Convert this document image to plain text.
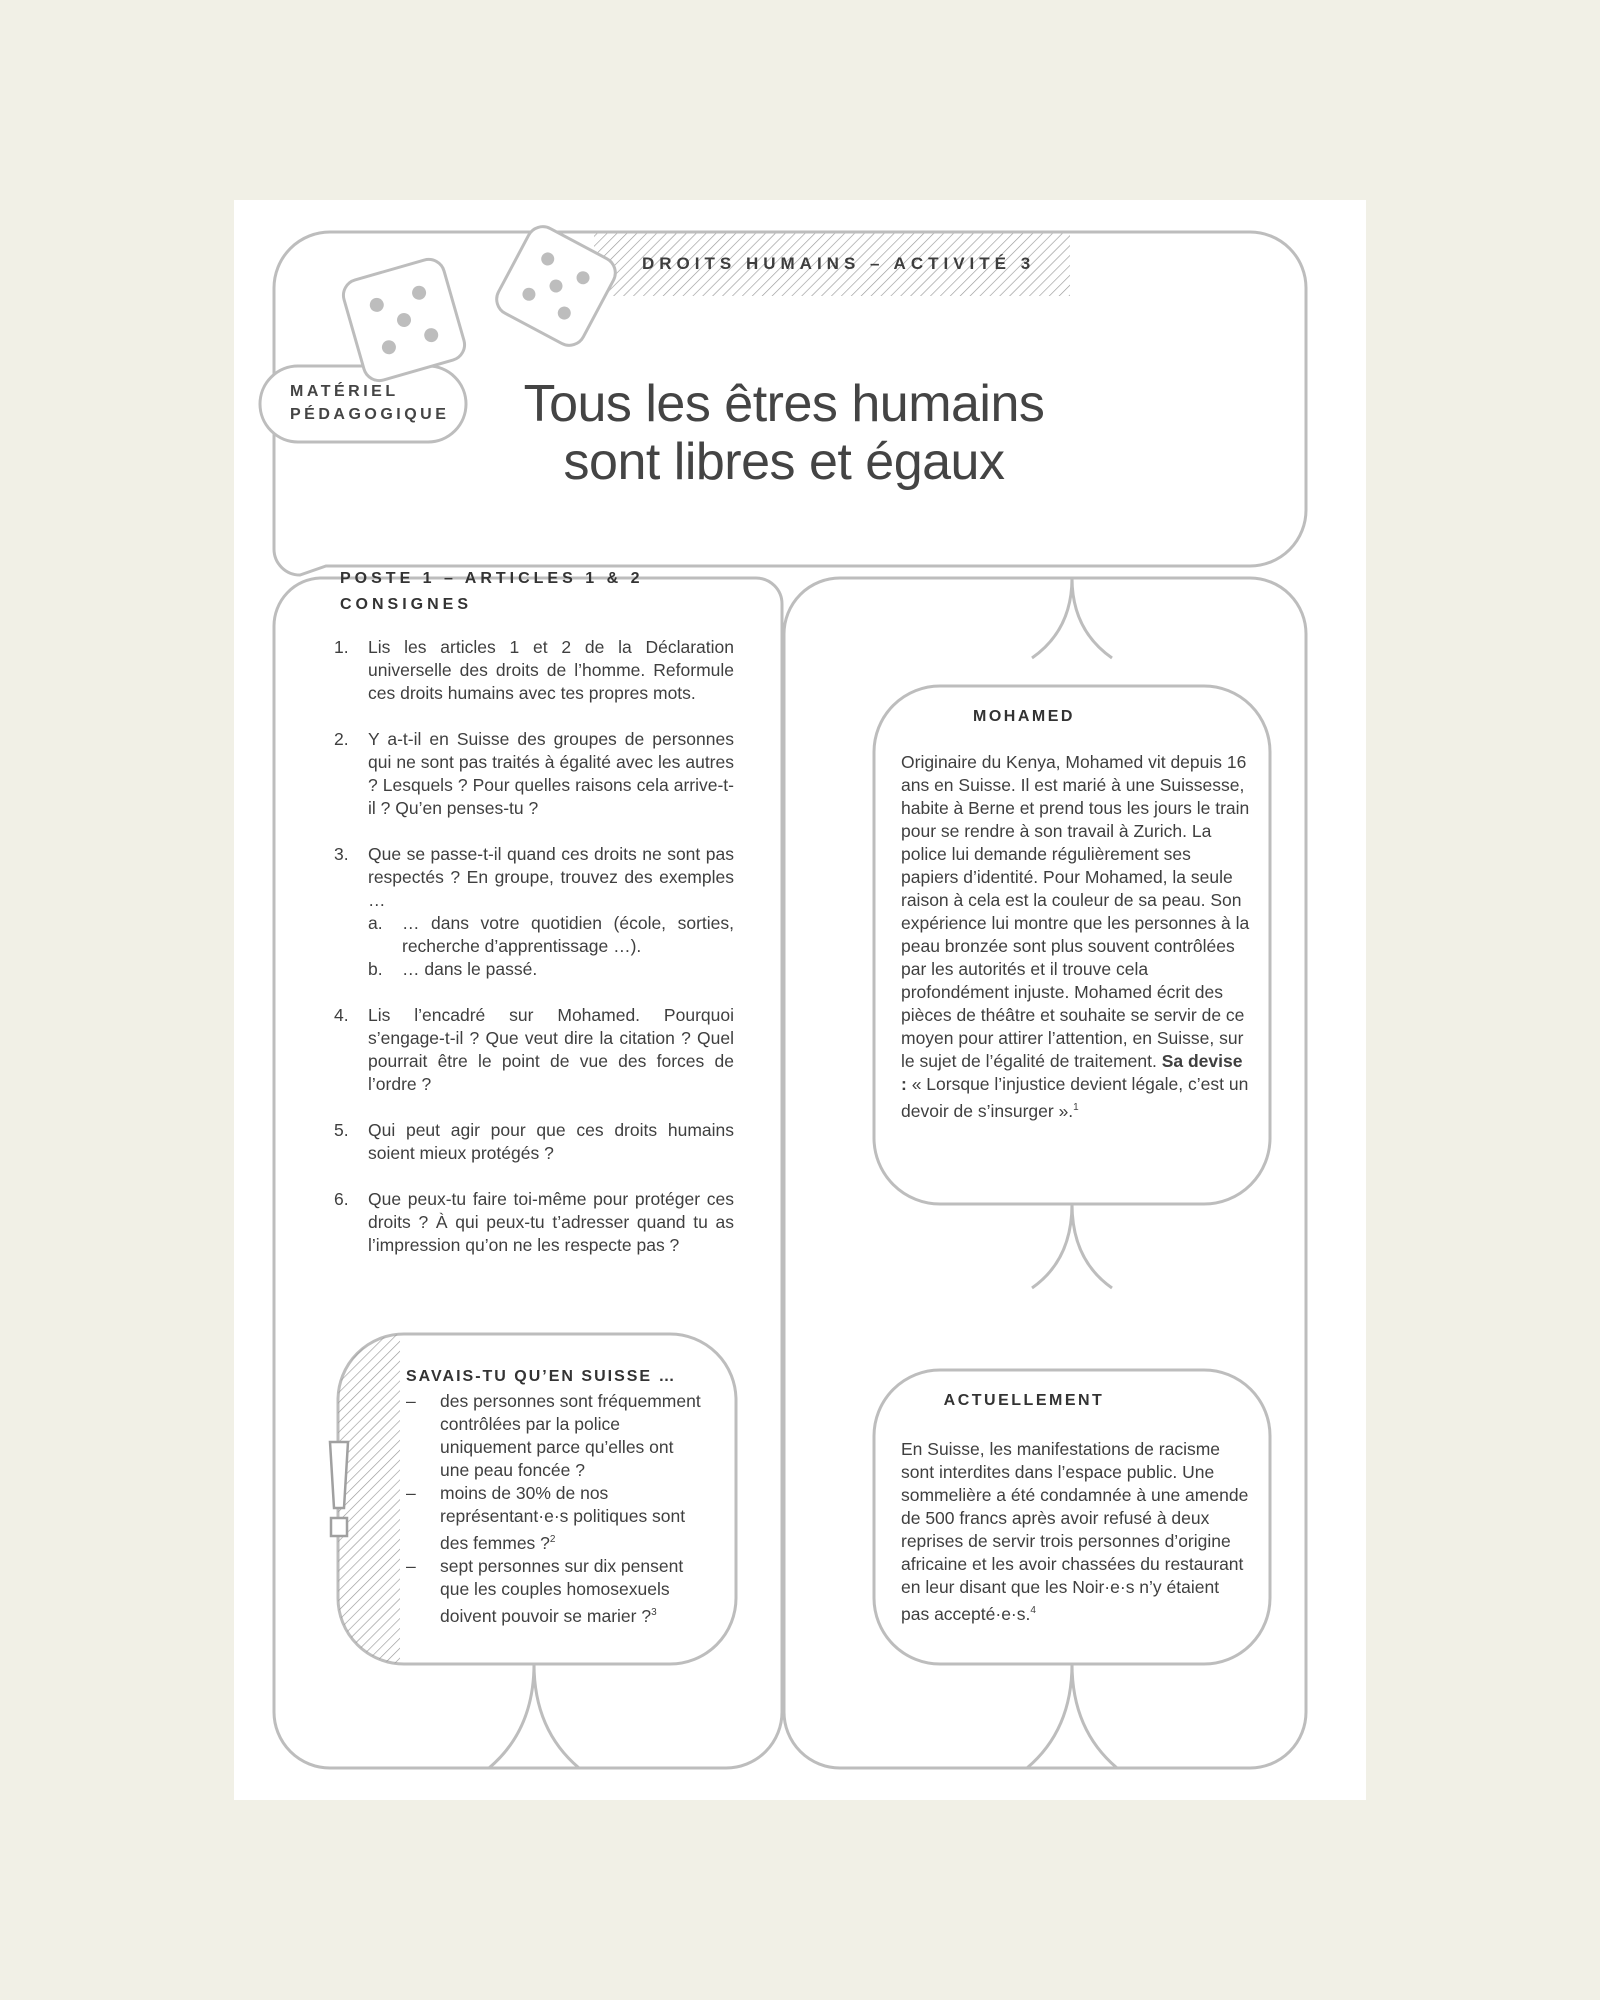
DROITS HUMAINS – ACTIVITÉ 3
MATÉRIEL
PÉDAGOGIQUE	Tous les êtres humains
sont libres et égaux
POSTE 1 – ARTICLES 1 & 2
CONSIGNES
1. Lis les articles 1 et 2 de la Déclaration universelle des droits de l’homme. Reformule ces droits humains avec tes propres mots.
2. Y a-t-il en Suisse des groupes de personnes qui ne sont pas traités à égalité avec les autres ? Lesquels ? Pour quelles raisons cela arrive-t-il ? Qu’en penses-tu ?
3. Que se passe-t-il quand ces droits ne sont pas respectés ? En groupe, trouvez des exemples …
a. … dans votre quotidien (école, sorties, recherche d’apprentissage …).
b. … dans le passé.
4. Lis l’encadré sur Mohamed. Pourquoi s’engage-t-il ? Que veut dire la citation ? Quel pourrait être le point de vue des forces de l’ordre ?
5. Qui peut agir pour que ces droits humains soient mieux protégés ?
6. Que peux-tu faire toi-même pour protéger ces droits ? À qui peux-tu t’adresser quand tu as l’impression qu’on ne les respecte pas ?
SAVAIS-TU QU’EN SUISSE …
– des personnes sont fréquemment contrôlées par la police uniquement parce qu’elles ont une peau foncée ?
– moins de 30% de nos représentant·e·s politiques sont des femmes ?$^2$
– sept personnes sur dix pensent que les couples homosexuels doivent pouvoir se marier ?$^3$
MOHAMED
Originaire du Kenya, Mohamed vit depuis 16 ans en Suisse. Il est marié à une Suissesse, habite à Berne et prend tous les jours le train pour se rendre à son travail à Zurich. La police lui demande régulièrement ses papiers d’identité. Pour Mohamed, la seule raison à cela est la couleur de sa peau. Son expérience lui montre que les personnes à la peau bronzée sont plus souvent contrôlées par les autorités et il trouve cela profondément injuste. Mohamed écrit des pièces de théâtre et souhaite se servir de ce moyen pour attirer l’attention, en Suisse, sur le sujet de l’égalité de traitement. Sa devise : « Lorsque l’injustice devient légale, c’est un devoir de s’insurger ».$^1$
ACTUELLEMENT
En Suisse, les manifestations de racisme sont interdites dans l’espace public. Une sommelière a été condamnée à une amende de 500 francs après avoir refusé à deux reprises de servir trois personnes d’origine africaine et les avoir chassées du restaurant en leur disant que les Noir·e·s n’y étaient pas accepté·e·s.$^4$
